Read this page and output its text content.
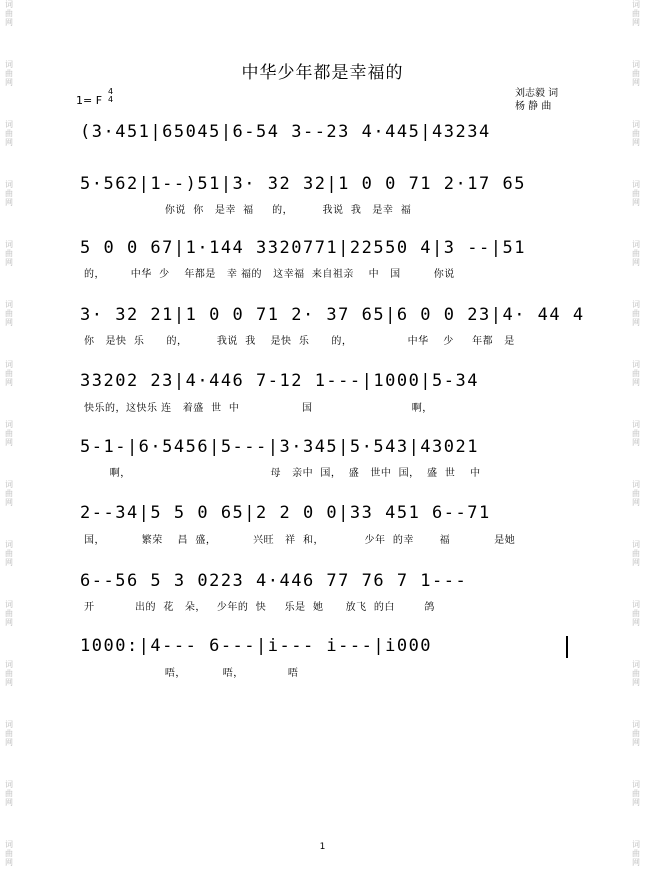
词
曲
网
词
曲
网
词
曲
网
词
曲
网
词
曲
网
词
曲
网
词
曲
网
词
曲
网
词
曲
网
词
曲
网
词
曲
网
词
曲
网
词
曲
网
词
曲
网
词
曲
网
词
曲
网
词
曲
网
词
曲
网
词
曲
网
词
曲
网
词
曲
网
词
曲
网
词
曲
网
词
曲
网
词
曲
网
词
曲
网
词
曲
网
词
曲
网
词
曲
网
词
曲
网
中华少年都是幸福的
1= F
4
4
刘志毅 词
杨 静 曲
(3·451|65045|6-54 3--23 4·445|43234
5·562|1--)51|3· 32 32|1 0 0 71 2·17 65
你说  你   是幸  福     的，        我说  我   是幸  福
5 0 0 67|1·144 3320771|22550 4|3 --|51
的，       中华  少    年都是   幸 福的   这幸福  来自祖亲    中   国         你说
3· 32 21|1 0 0 71 2· 37 65|6 0 0 23|4· 44 4
你   是快  乐      的，        我说  我    是快  乐      的，               中华    少     年都   是
33202 23|4·446 7-12 1---|1000|5-34
快乐的，这快乐 连   着盛  世  中                 国                           啊，
5-1-|6·5456|5---|3·345|5·543|43021
啊，                                      母   亲中  国，  盛   世中  国，  盛  世    中
2--34|5 5 0 65|2 2 0 0|33 451 6--71
国，          繁荣    昌  盛，          兴旺   祥  和，           少年  的幸       福            是她
6--56 5 3 0223 4·446 77 76 7 1---
开           出的  花   朵，   少年的  快     乐是  她      放飞  的白        鸽
1000:|4--- 6---|i--- i---|i000
唔，          唔，            唔
1
